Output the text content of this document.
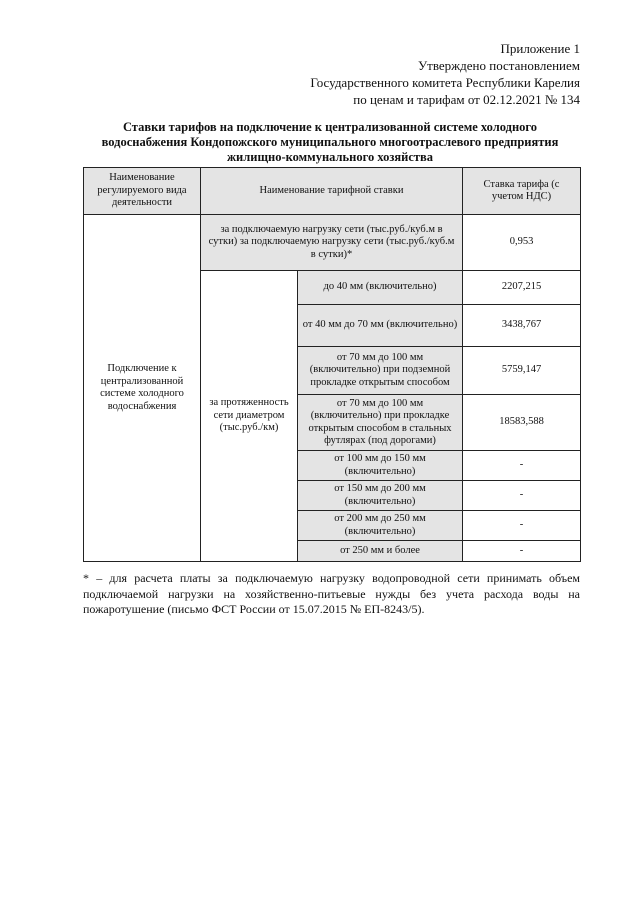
Приложение 1
Утверждено постановлением
Государственного комитета Республики Карелия
по ценам и тарифам от 02.12.2021 № 134
Ставки тарифов на подключение к централизованной системе холодного
водоснабжения Кондопожского муниципального многоотраслевого предприятия
жилищно-коммунального хозяйства
Наименование регулируемого вида деятельности	Наименование тарифной ставки		Ставка тарифа (с учетом НДС)
Подключение к централизованной системе холодного водоснабжения	за подключаемую нагрузку сети (тыс.руб./куб.м в сутки) за подключаемую нагрузку сети (тыс.руб./куб.м в сутки)*		0,953
	за протяженность сети диаметром (тыс.руб./км)	до 40 мм (включительно)	2207,215
		от 40 мм до 70 мм (включительно)	3438,767
		от 70 мм до 100 мм (включительно) при подземной прокладке открытым способом	5759,147
		от 70 мм до 100 мм (включительно) при прокладке открытым способом в стальных футлярах (под дорогами)	18583,588
		от 100 мм до 150 мм (включительно)	-
		от 150 мм до 200 мм (включительно)	-
		от 200 мм до 250 мм (включительно)	-
		от 250 мм и более	-
* – для расчета платы за подключаемую нагрузку водопроводной сети принимать объем подключаемой нагрузки на хозяйственно-питьевые нужды без учета расхода воды на пожаротушение (письмо ФСТ России от 15.07.2015 № ЕП-8243/5).
